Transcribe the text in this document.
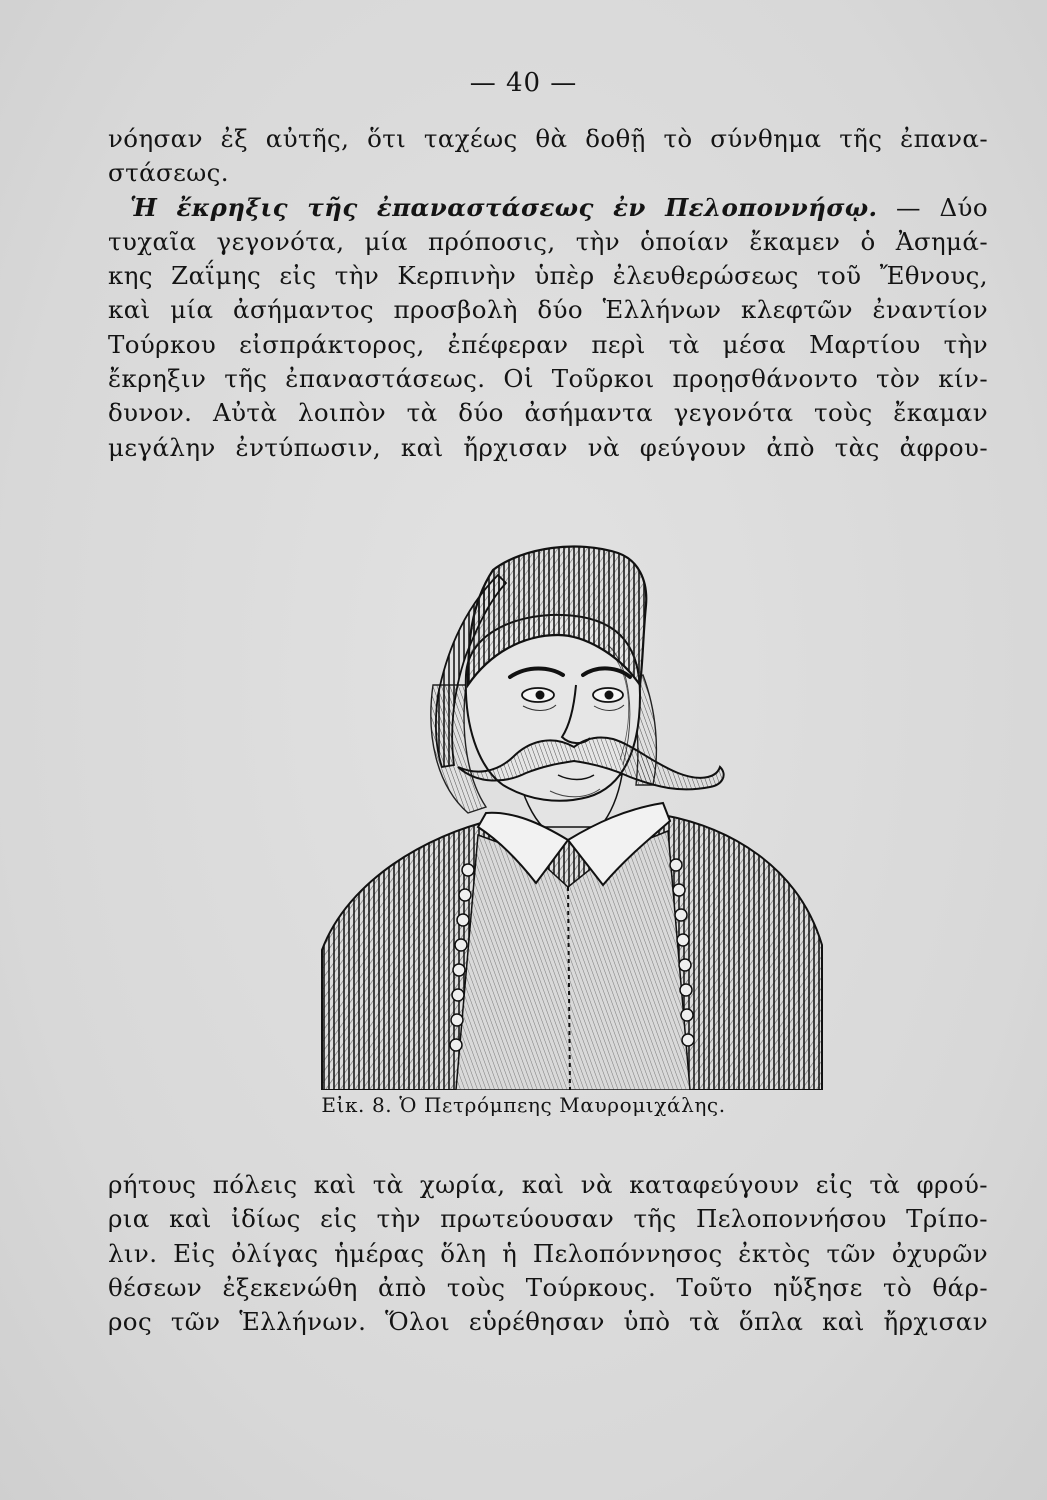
— 40 —
νόησαν ἐξ αὐτῆς, ὅτι ταχέως θὰ δοθῇ τὸ σύνθημα τῆς ἐπανα-
στάσεως.
Ἡ ἔκρηξις τῆς ἐπαναστάσεως ἐν Πελοποννήσῳ. — Δύο
τυχαῖα γεγονότα, μία πρόποσις, τὴν ὁποίαν ἔκαμεν ὁ Ἀσημά-
κης Ζαΐμης εἰς τὴν Κερπινὴν ὑπὲρ ἐλευθερώσεως τοῦ Ἔθνους,
καὶ μία ἀσήμαντος προσβολὴ δύο Ἑλλήνων κλεφτῶν ἐναντίον
Τούρκου εἰσπράκτορος, ἐπέφεραν περὶ τὰ μέσα Μαρτίου τὴν
ἔκρηξιν τῆς ἐπαναστάσεως. Οἱ Τοῦρκοι προῃσθάνοντο τὸν κίν-
δυνον. Αὐτὰ λοιπὸν τὰ δύο ἀσήμαντα γεγονότα τοὺς ἔκαμαν
μεγάλην ἐντύπωσιν, καὶ ἤρχισαν νὰ φεύγουν ἀπὸ τὰς ἀφρου-
Εἰκ. 8. Ὁ Πετρόμπεης Μαυρομιχάλης.
ρήτους πόλεις καὶ τὰ χωρία, καὶ νὰ καταφεύγουν εἰς τὰ φρού-
ρια καὶ ἰδίως εἰς τὴν πρωτεύουσαν τῆς Πελοποννήσου Τρίπο-
λιν. Εἰς ὀλίγας ἡμέρας ὅλη ἡ Πελοπόννησος ἐκτὸς τῶν ὀχυρῶν
θέσεων ἐξεκενώθη ἀπὸ τοὺς Τούρκους. Τοῦτο ηὔξησε τὸ θάρ-
ρος τῶν Ἑλλήνων. Ὅλοι εὑρέθησαν ὑπὸ τὰ ὅπλα καὶ ἤρχισαν
